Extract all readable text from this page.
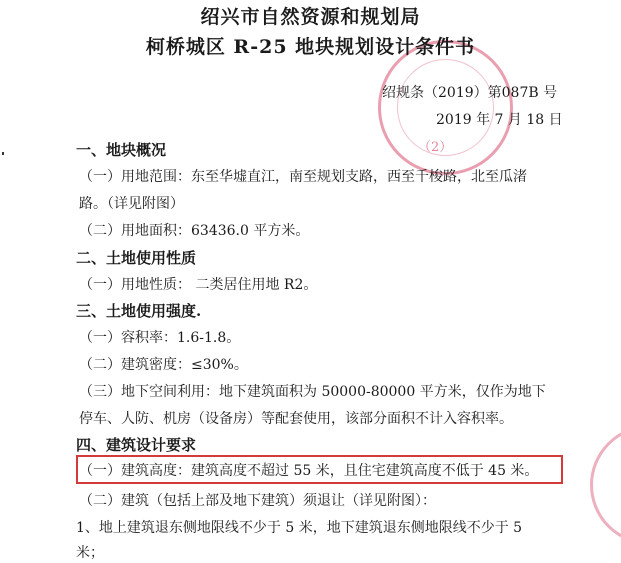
（2）
绍兴市自然资源和规划局
柯桥城区 R-25 地块规划设计条件书
绍规条（2019）第087B 号
2019 年 7 月 18 日
一、地块概况
（一）用地范围：东至华墟直江，南至规划支路，西至千梭路，北至瓜渚
路。（详见附图）
（二）用地面积：63436.0 平方米。
二、土地使用性质
（一）用地性质： 二类居住用地 R2。
三、土地使用强度.
（一）容积率：1.6-1.8。
（二）建筑密度：≤30%。
（三）地下空间利用：地下建筑面积为 50000-80000 平方米，仅作为地下
停车、人防、机房（设备房）等配套使用，该部分面积不计入容积率。
四、建筑设计要求
（一）建筑高度：建筑高度不超过 55 米，且住宅建筑高度不低于 45 米。
（二）建筑（包括上部及地下建筑）须退让（详见附图）：
1、地上建筑退东侧地限线不少于 5 米，地下建筑退东侧地限线不少于 5
米；
